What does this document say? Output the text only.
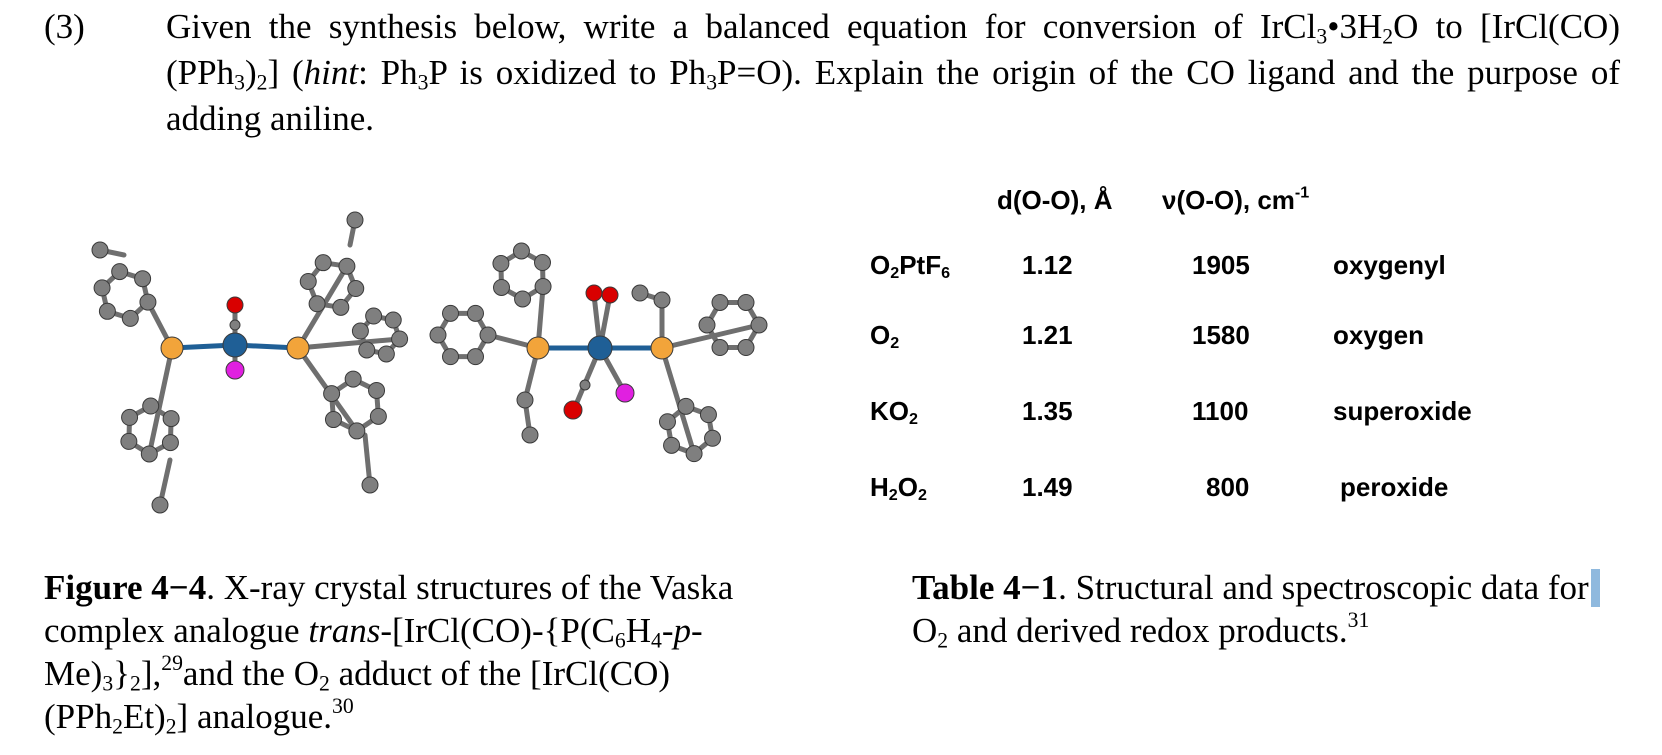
(3) Given the synthesis below, write a balanced equation for conversion of $IrCl_3•3H_2O$ to $[IrCl(CO)(PPh_3)_2]$ (hint: $Ph_3P$ is oxidized to $Ph_3P=O$). Explain the origin of the CO ligand and the purpose of adding aniline.
d(O-O), Å ν(O-O), $cm^{-1}$
$O_2PtF_6$	1.12	1905	oxygenyl
$O_2$	1.21	1580	oxygen
$KO_2$	1.35	1100	superoxide
$H_2O_2$	1.49	800	peroxide
Figure 4−4. X-ray crystal structures of the Vaska complex analogue trans-$[IrCl(CO)-\{P(C_6H_4-p-Me)_3\}_2],^{29}and$ the $O_2$ adduct of the $[IrCl(CO)(PPh_2Et)_2]$ analogue.$^{30}$
Table 4−1. Structural and spectroscopic data forO$_2$ and derived redox products.$^{31}$
